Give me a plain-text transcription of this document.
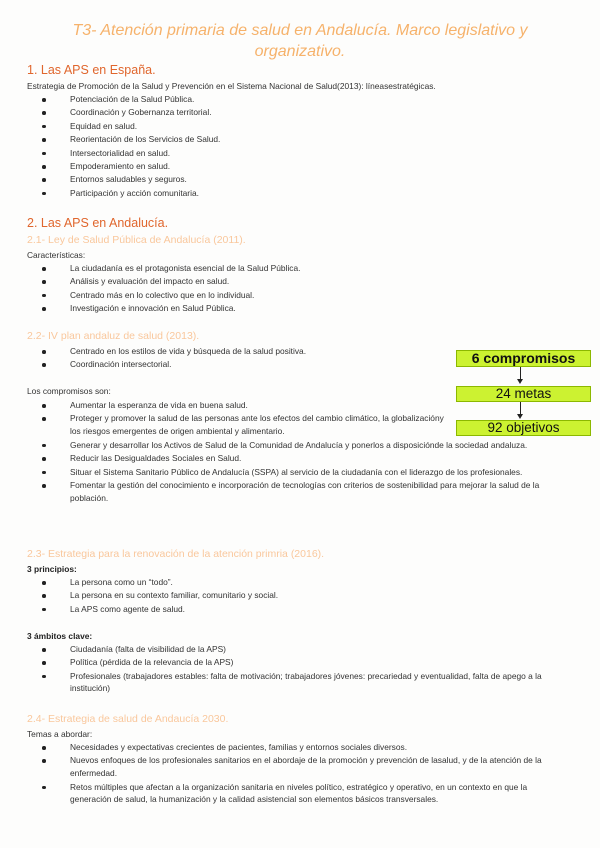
T3- Atención primaria de salud en Andalucía. Marco legislativo y organizativo.
1. Las APS en España.
Estrategia de Promoción de la Salud y Prevención en el Sistema Nacional de Salud(2013): líneasestratégicas.
Potenciación de la Salud Pública.
Coordinación y Gobernanza territorial.
Equidad en salud.
Reorientación de los Servicios de Salud.
Intersectorialidad en salud.
Empoderamiento en salud.
Entornos saludables y seguros.
Participación y acción comunitaria.
2. Las APS en Andalucía.
2.1- Ley de Salud Pública de Andalucía (2011).
Características:
La ciudadanía es el protagonista esencial de la Salud Pública.
Análisis y evaluación del impacto en salud.
Centrado más en lo colectivo que en lo individual.
Investigación e innovación en Salud Pública.
2.2- IV plan andaluz de salud (2013).
Centrado en los estilos de vida y búsqueda de la salud positiva.
Coordinación intersectorial.
Los compromisos son:
Aumentar la esperanza de vida en buena salud.
Proteger y promover la salud de las personas ante los efectos del cambio climático, la globalizacióny los riesgos emergentes de origen ambiental y alimentario.
Generar y desarrollar los Activos de Salud de la Comunidad de Andalucía y ponerlos a disposiciónde la sociedad andaluza.
Reducir las Desigualdades Sociales en Salud.
Situar el Sistema Sanitario Público de Andalucía (SSPA) al servicio de la ciudadanía con el liderazgo de los profesionales.
Fomentar la gestión del conocimiento e incorporación de tecnologías con criterios de sostenibilidad para mejorar la salud de la población.
6 compromisos
24 metas
92 objetivos
2.3- Estrategia para la renovación de la atención primria (2016).
3 principios:
La persona como un “todo”.
La persona en su contexto familiar, comunitario y social.
La APS como agente de salud.
3 ámbitos clave:
Ciudadanía (falta de visibilidad de la APS)
Política (pérdida de la relevancia de la APS)
Profesionales (trabajadores estables: falta de motivación; trabajadores jóvenes: precariedad y eventualidad, falta de apego a la institución)
2.4- Estrategia de salud de Andaucía 2030.
Temas a abordar:
Necesidades y expectativas crecientes de pacientes, familias y entornos sociales diversos.
Nuevos enfoques de los profesionales sanitarios en el abordaje de la promoción y prevención de lasalud, y de la atención de la enfermedad.
Retos múltiples que afectan a la organización sanitaria en niveles político, estratégico y operativo, en un contexto en que la generación de salud, la humanización y la calidad asistencial son elementos básicos transversales.
